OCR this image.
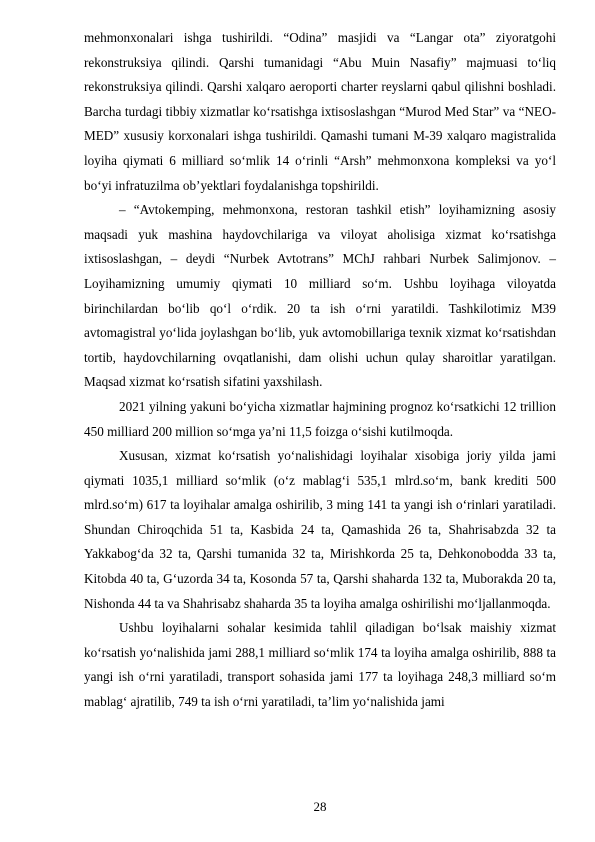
mehmonxonalari ishga tushirildi. “Odina” masjidi va “Langar ota” ziyoratgohi rekonstruksiya qilindi. Qarshi tumanidagi “Abu Muin Nasafiy” majmuasi to‘liq rekonstruksiya qilindi. Qarshi xalqaro aeroporti charter reyslarni qabul qilishni boshladi. Barcha turdagi tibbiy xizmatlar ko‘rsatishga ixtisoslashgan “Murod Med Star” va “NEO-MED” xususiy korxonalari ishga tushirildi. Qamashi tumani M-39 xalqaro magistralida loyiha qiymati 6 milliard so‘mlik 14 o‘rinli “Arsh” mehmonxona kompleksi va yo‘l bo‘yi infratuzilma ob’yektlari foydalanishga topshirildi.

– “Avtokemping, mehmonxona, restoran tashkil etish” loyihamizning asosiy maqsadi yuk mashina haydovchilariga va viloyat aholisiga xizmat ko‘rsatishga ixtisoslashgan, – deydi “Nurbek Avtotrans” MChJ rahbari Nurbek Salimjonov. – Loyihamizning umumiy qiymati 10 milliard so‘m. Ushbu loyihaga viloyatda birinchilardan bo‘lib qo‘l o‘rdik. 20 ta ish o‘rni yaratildi. Tashkilotimiz M39 avtomagistral yo‘lida joylashgan bo‘lib, yuk avtomobillariga texnik xizmat ko‘rsatishdan tortib, haydovchilarning ovqatlanishi, dam olishi uchun qulay sharoitlar yaratilgan. Maqsad xizmat ko‘rsatish sifatini yaxshilash.

2021 yilning yakuni bo‘yicha xizmatlar hajmining prognoz ko‘rsatkichi 12 trillion 450 milliard 200 million so‘mga ya’ni 11,5 foizga o‘sishi kutilmoqda.

Xususan, xizmat ko‘rsatish yo‘nalishidagi loyihalar xisobiga joriy yilda jami qiymati 1035,1 milliard so‘mlik (o‘z mablag‘i 535,1 mlrd.so‘m, bank krediti 500 mlrd.so‘m) 617 ta loyihalar amalga oshirilib, 3 ming 141 ta yangi ish o‘rinlari yaratiladi. Shundan Chiroqchida 51 ta, Kasbida 24 ta, Qamashida 26 ta, Shahrisabzda 32 ta Yakkabog‘da 32 ta, Qarshi tumanida 32 ta, Mirishkorda 25 ta, Dehkonobodda 33 ta, Kitobda 40 ta, G‘uzorda 34 ta, Kosonda 57 ta, Qarshi shaharda 132 ta, Muborakda 20 ta, Nishonda 44 ta va Shahrisabz shaharda 35 ta loyiha amalga oshirilishi mo‘ljallanmoqda.

Ushbu loyihalarni sohalar kesimida tahlil qiladigan bo‘lsak maishiy xizmat ko‘rsatish yo‘nalishida jami 288,1 milliard so‘mlik 174 ta loyiha amalga oshirilib, 888 ta yangi ish o‘rni yaratiladi, transport sohasida jami 177 ta loyihaga 248,3 milliard so‘m mablag‘ ajratilib, 749 ta ish o‘rni yaratiladi, ta’lim yo‘nalishida jami

28
